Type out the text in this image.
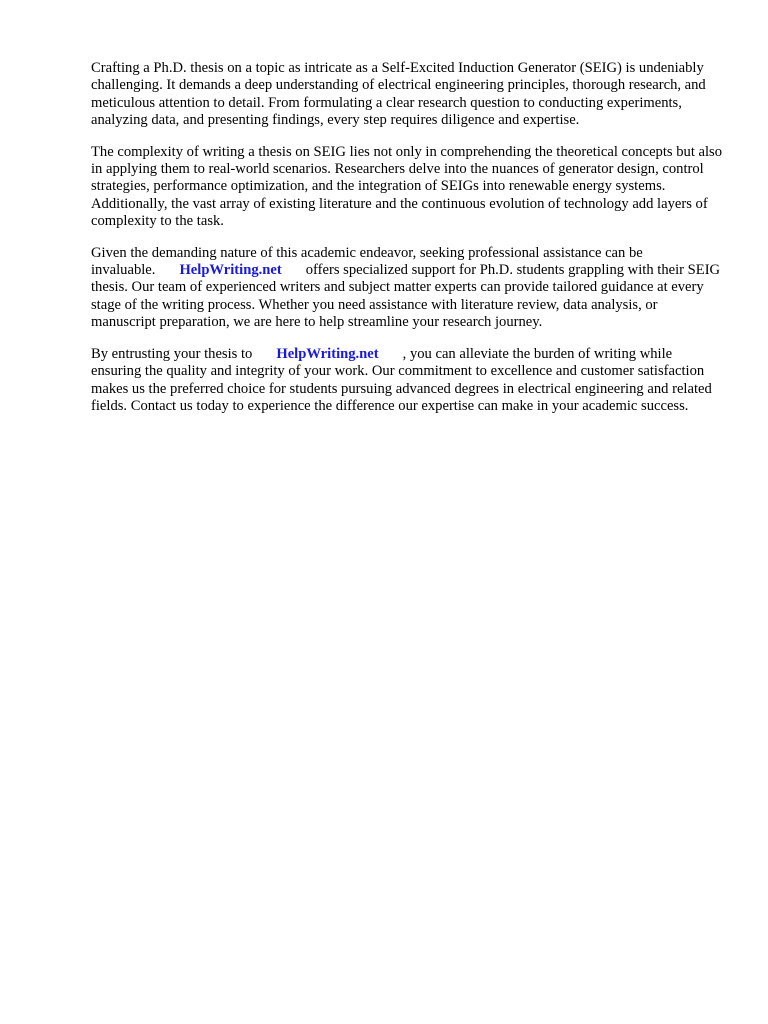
Crafting a Ph.D. thesis on a topic as intricate as a Self-Excited Induction Generator (SEIG) is undeniably challenging. It demands a deep understanding of electrical engineering principles, thorough research, and meticulous attention to detail. From formulating a clear research question to conducting experiments, analyzing data, and presenting findings, every step requires diligence and expertise.

The complexity of writing a thesis on SEIG lies not only in comprehending the theoretical concepts but also in applying them to real-world scenarios. Researchers delve into the nuances of generator design, control strategies, performance optimization, and the integration of SEIGs into renewable energy systems. Additionally, the vast array of existing literature and the continuous evolution of technology add layers of complexity to the task.

Given the demanding nature of this academic endeavor, seeking professional assistance can be invaluable. HelpWriting.net offers specialized support for Ph.D. students grappling with their SEIG thesis. Our team of experienced writers and subject matter experts can provide tailored guidance at every stage of the writing process. Whether you need assistance with literature review, data analysis, or manuscript preparation, we are here to help streamline your research journey.

By entrusting your thesis to HelpWriting.net , you can alleviate the burden of writing while ensuring the quality and integrity of your work. Our commitment to excellence and customer satisfaction makes us the preferred choice for students pursuing advanced degrees in electrical engineering and related fields. Contact us today to experience the difference our expertise can make in your academic success.
